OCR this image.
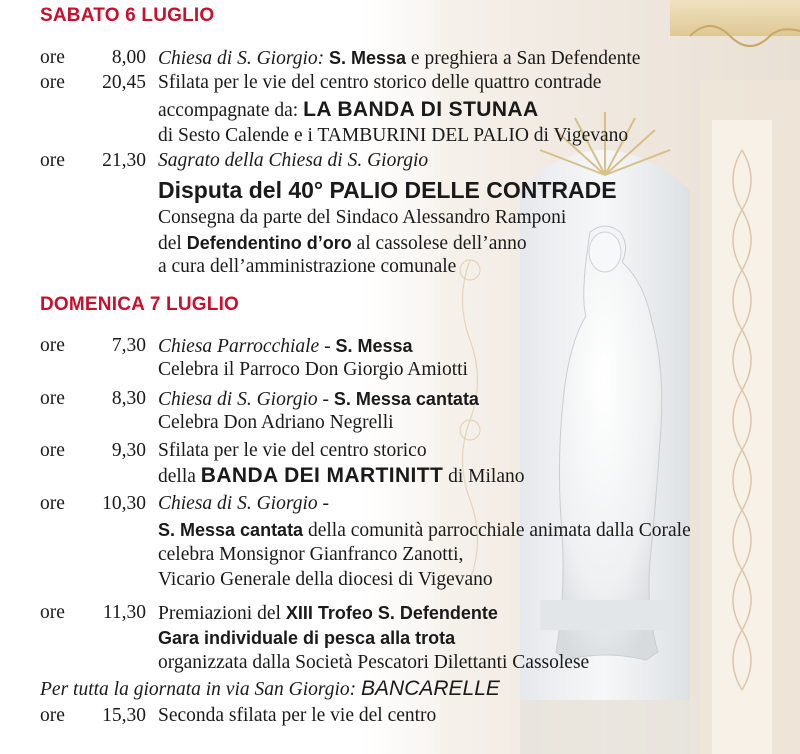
SABATO 6 LUGLIO
ore 8,00 Chiesa di S. Giorgio: S. Messa e preghiera a San Defendente
ore 20,45 Sfilata per le vie del centro storico delle quattro contrade
accompagnate da: LA BANDA DI STUNAA
di Sesto Calende e i TAMBURINI DEL PALIO di Vigevano
ore 21,30 Sagrato della Chiesa di S. Giorgio
Disputa del 40° PALIO DELLE CONTRADE
Consegna da parte del Sindaco Alessandro Ramponi
del Defendentino d’oro al cassolese dell’anno
a cura dell’amministrazione comunale
DOMENICA 7 LUGLIO
ore 7,30 Chiesa Parrocchiale - S. Messa
Celebra il Parroco Don Giorgio Amiotti
ore 8,30 Chiesa di S. Giorgio - S. Messa cantata
Celebra Don Adriano Negrelli
ore 9,30 Sfilata per le vie del centro storico
della BANDA DEI MARTINITT di Milano
ore 10,30 Chiesa di S. Giorgio -
S. Messa cantata della comunità parrocchiale animata dalla Corale
celebra Monsignor Gianfranco Zanotti,
Vicario Generale della diocesi di Vigevano
ore 11,30 Premiazioni del XIII Trofeo S. Defendente
Gara individuale di pesca alla trota
organizzata dalla Società Pescatori Dilettanti Cassolese
Per tutta la giornata in via San Giorgio: BANCARELLE
ore 15,30 Seconda sfilata per le vie del centro
